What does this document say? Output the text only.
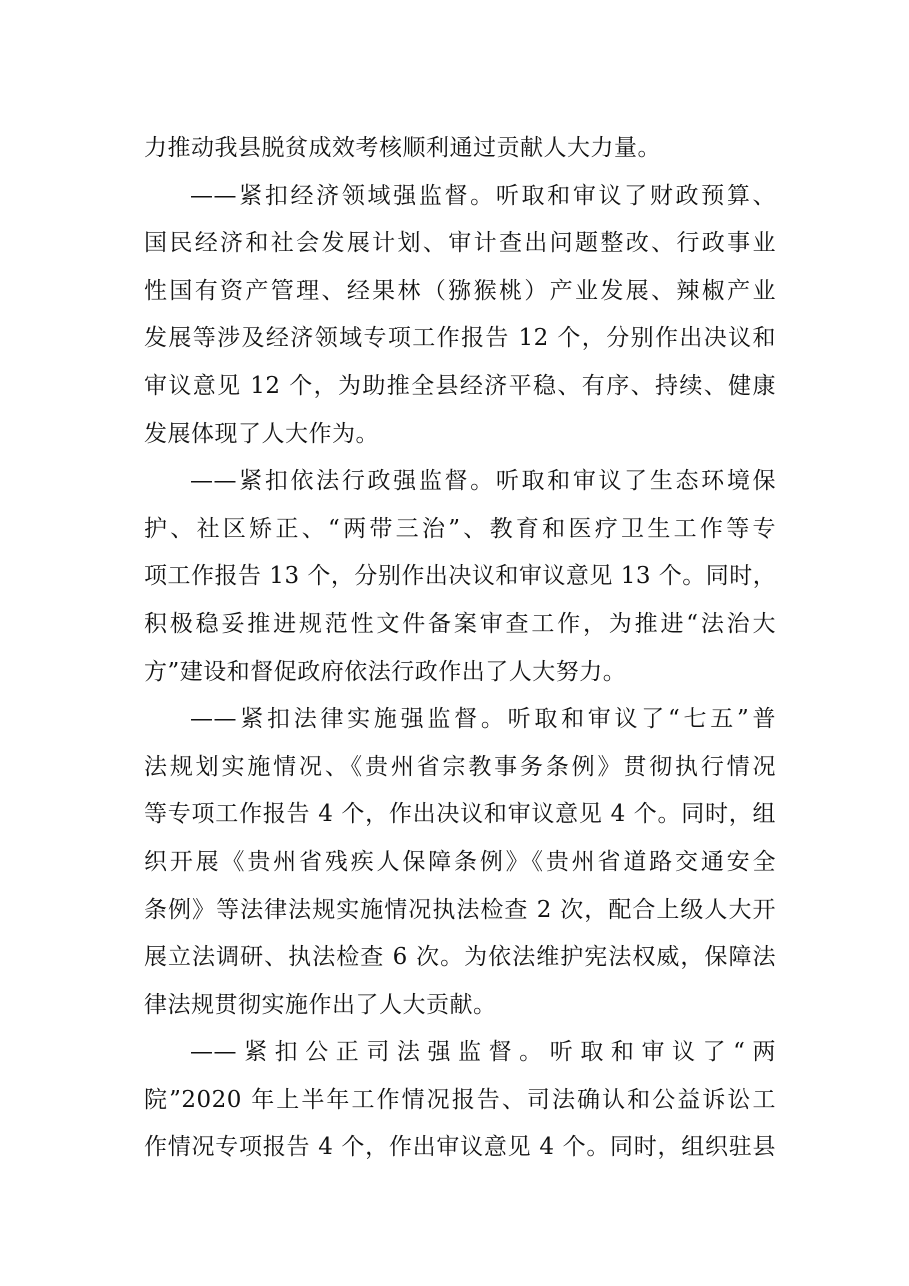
力推动我县脱贫成效考核顺利通过贡献人大力量。
——紧扣经济领域强监督。听取和审议了财政预算、
国民经济和社会发展计划、审计查出问题整改、行政事业
性国有资产管理、经果林（猕猴桃）产业发展、辣椒产业
发展等涉及经济领域专项工作报告 12 个，分别作出决议和
审议意见 12 个，为助推全县经济平稳、有序、持续、健康
发展体现了人大作为。
——紧扣依法行政强监督。听取和审议了生态环境保
护、社区矫正、“两带三治”、教育和医疗卫生工作等专
项工作报告 13 个，分别作出决议和审议意见 13 个。同时，
积极稳妥推进规范性文件备案审查工作，为推进“法治大
方”建设和督促政府依法行政作出了人大努力。
——紧扣法律实施强监督。听取和审议了“七五”普
法规划实施情况、《贵州省宗教事务条例》贯彻执行情况
等专项工作报告 4 个，作出决议和审议意见 4 个。同时，组
织开展《贵州省残疾人保障条例》《贵州省道路交通安全
条例》等法律法规实施情况执法检查 2 次，配合上级人大开
展立法调研、执法检查 6 次。为依法维护宪法权威，保障法
律法规贯彻实施作出了人大贡献。
——紧扣公正司法强监督。听取和审议了“两
院”2020 年上半年工作情况报告、司法确认和公益诉讼工
作情况专项报告 4 个，作出审议意见 4 个。同时，组织驻县
